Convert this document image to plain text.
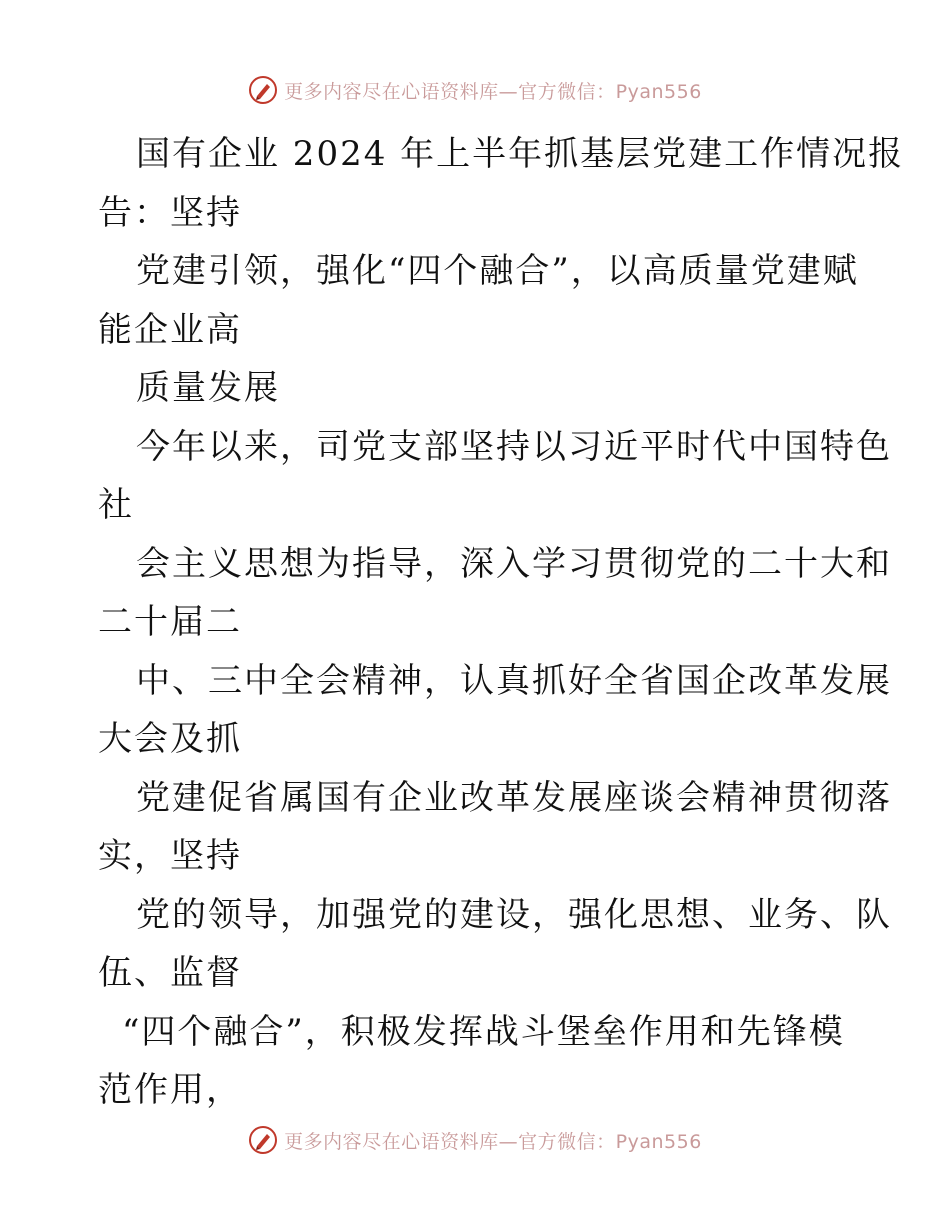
更多内容尽在心语资料库—官方微信：Pyan556
国有企业 2024 年上半年抓基层党建工作情况报
告：坚持
党建引领，强化“四个融合”，以高质量党建赋
能企业高
质量发展
今年以来，司党支部坚持以习近平时代中国特色
社
会主义思想为指导，深入学习贯彻党的二十大和
二十届二
中、三中全会精神，认真抓好全省国企改革发展
大会及抓
党建促省属国有企业改革发展座谈会精神贯彻落
实，坚持
党的领导，加强党的建设，强化思想、业务、队
伍、监督
“四个融合”，积极发挥战斗堡垒作用和先锋模
范作用，
更多内容尽在心语资料库—官方微信：Pyan556
